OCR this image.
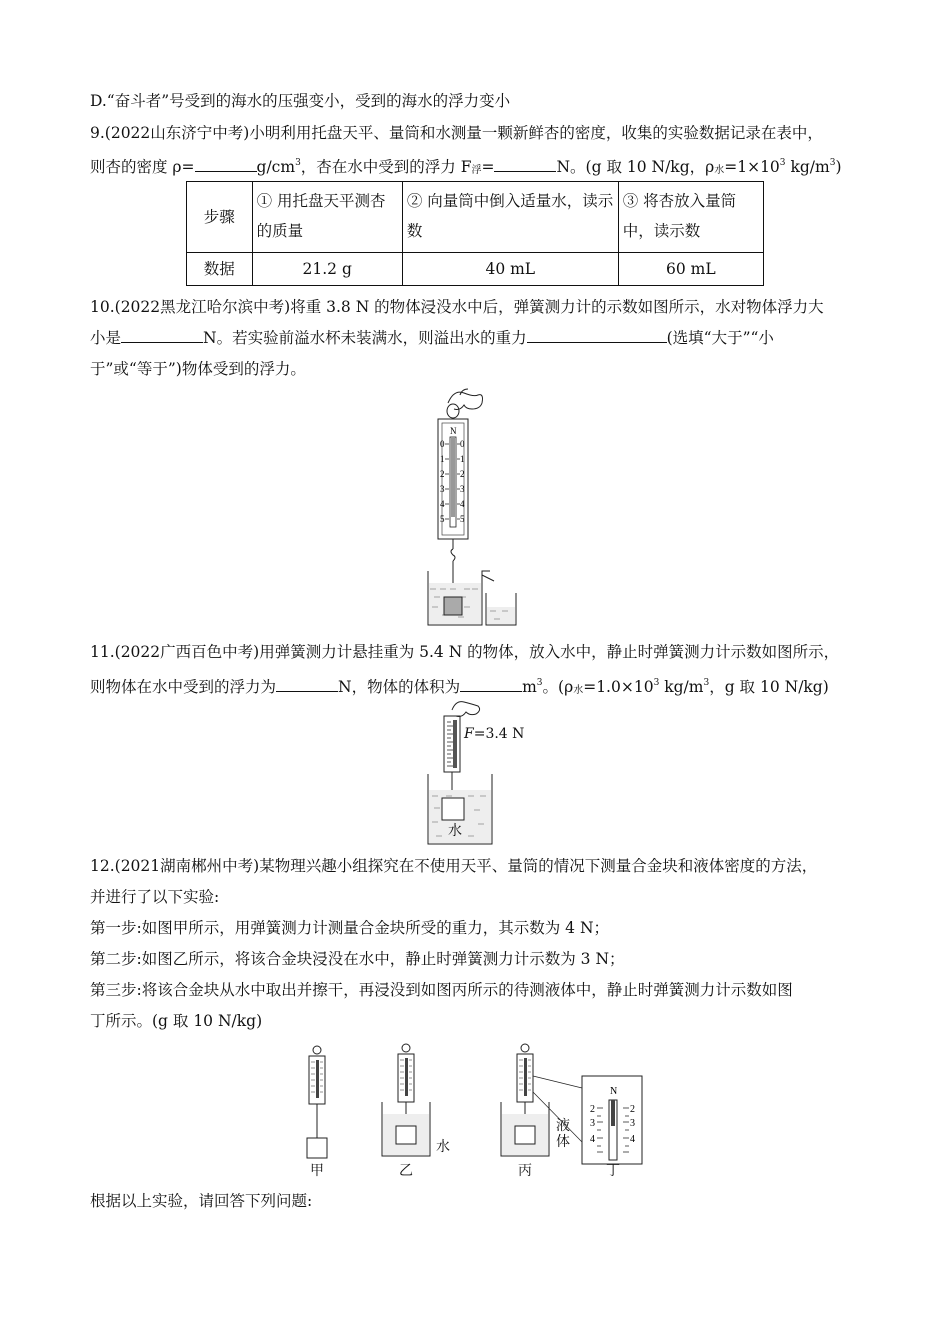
D.“奋斗者”号受到的海水的压强变小，受到的海水的浮力变小
9.(2022山东济宁中考)小明利用托盘天平、量筒和水测量一颗新鲜杏的密度，收集的实验数据记录在表中，
则杏的密度 ρ=	$g/cm^3$，杏在水中受到的浮力 $F_浮=$	N。(g 取 10 N/kg，$\rho_水=1\times 10^3$ $kg/m^3$)
步骤	① 用托盘天平测杏的质量	② 向量筒中倒入适量水，读示数	③ 将杏放入量筒中，读示数
数据	21.2 g	40 mL	60 mL
10.(2022黑龙江哈尔滨中考)将重 3.8 N 的物体浸没水中后，弹簧测力计的示数如图所示，水对物体浮力大
小是	N。若实验前溢水杯未装满水，则溢出水的重力	(选填“大于”“小
于”或“等于”)物体受到的浮力。
N
0 0
1 1
2 2
3 3
4 4
5 5
11.(2022广西百色中考)用弹簧测力计悬挂重为 5.4 N 的物体，放入水中，静止时弹簧测力计示数如图所示，
则物体在水中受到的浮力为	N，物体的体积为	$m^3$。($\rho_水=1.0\times 10^3$ $kg/m^3$，g 取 10 N/kg)
水
F=3.4 N
12.(2021湖南郴州中考)某物理兴趣小组探究在不使用天平、量筒的情况下测量合金块和液体密度的方法，
并进行了以下实验:
第一步:如图甲所示，用弹簧测力计测量合金块所受的重力，其示数为 4 N；
第二步:如图乙所示，将该合金块浸没在水中，静止时弹簧测力计示数为 3 N；
第三步:将该合金块从水中取出并擦干，再浸没到如图丙所示的待测液体中，静止时弹簧测力计示数如图
丁所示。(g 取 10 N/kg)
N
2
3
4
2
3
4
甲	乙
水
丙
液体
丁
根据以上实验，请回答下列问题:
